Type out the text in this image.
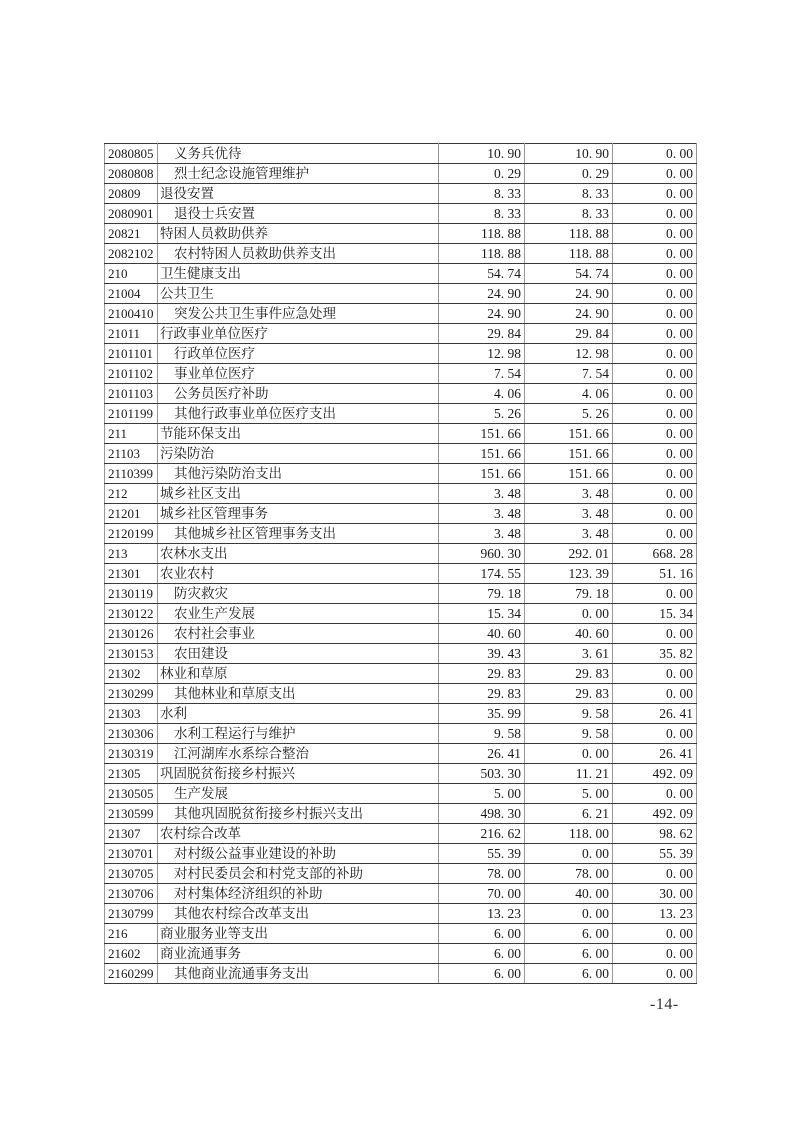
2080805	义务兵优待	10. 90	10. 90	0. 00
2080808	烈士纪念设施管理维护	0. 29	0. 29	0. 00
20809	退役安置	8. 33	8. 33	0. 00
2080901	退役士兵安置	8. 33	8. 33	0. 00
20821	特困人员救助供养	118. 88	118. 88	0. 00
2082102	农村特困人员救助供养支出	118. 88	118. 88	0. 00
210	卫生健康支出	54. 74	54. 74	0. 00
21004	公共卫生	24. 90	24. 90	0. 00
2100410	突发公共卫生事件应急处理	24. 90	24. 90	0. 00
21011	行政事业单位医疗	29. 84	29. 84	0. 00
2101101	行政单位医疗	12. 98	12. 98	0. 00
2101102	事业单位医疗	7. 54	7. 54	0. 00
2101103	公务员医疗补助	4. 06	4. 06	0. 00
2101199	其他行政事业单位医疗支出	5. 26	5. 26	0. 00
211	节能环保支出	151. 66	151. 66	0. 00
21103	污染防治	151. 66	151. 66	0. 00
2110399	其他污染防治支出	151. 66	151. 66	0. 00
212	城乡社区支出	3. 48	3. 48	0. 00
21201	城乡社区管理事务	3. 48	3. 48	0. 00
2120199	其他城乡社区管理事务支出	3. 48	3. 48	0. 00
213	农林水支出	960. 30	292. 01	668. 28
21301	农业农村	174. 55	123. 39	51. 16
2130119	防灾救灾	79. 18	79. 18	0. 00
2130122	农业生产发展	15. 34	0. 00	15. 34
2130126	农村社会事业	40. 60	40. 60	0. 00
2130153	农田建设	39. 43	3. 61	35. 82
21302	林业和草原	29. 83	29. 83	0. 00
2130299	其他林业和草原支出	29. 83	29. 83	0. 00
21303	水利	35. 99	9. 58	26. 41
2130306	水利工程运行与维护	9. 58	9. 58	0. 00
2130319	江河湖库水系综合整治	26. 41	0. 00	26. 41
21305	巩固脱贫衔接乡村振兴	503. 30	11. 21	492. 09
2130505	生产发展	5. 00	5. 00	0. 00
2130599	其他巩固脱贫衔接乡村振兴支出	498. 30	6. 21	492. 09
21307	农村综合改革	216. 62	118. 00	98. 62
2130701	对村级公益事业建设的补助	55. 39	0. 00	55. 39
2130705	对村民委员会和村党支部的补助	78. 00	78. 00	0. 00
2130706	对村集体经济组织的补助	70. 00	40. 00	30. 00
2130799	其他农村综合改革支出	13. 23	0. 00	13. 23
216	商业服务业等支出	6. 00	6. 00	0. 00
21602	商业流通事务	6. 00	6. 00	0. 00
2160299	其他商业流通事务支出	6. 00	6. 00	0. 00
-14-
